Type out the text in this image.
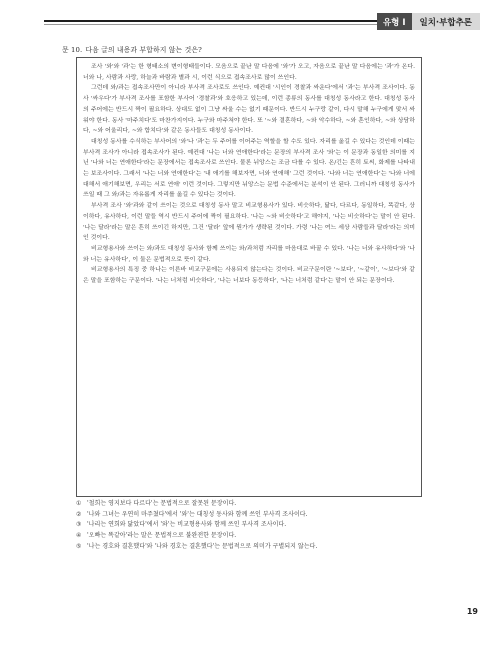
유형 Ⅰ	일치·부합추론
문 10. 다음 글의 내용과 부합하지 않는 것은?

조사 '와'와 '과'는 한 형태소의 변이형태들이다. 모음으로 끝난 말 다음에 '와'가 오고, 자음으로 끝난 말 다음에는 '과'가 온다. 너와 나, 사람과 사랑, 하늘과 바람과 별과 시, 이런 식으로 접속조사로 많이 쓰인다.

그런데 와/과는 접속조사만이 아니라 부사격 조사로도 쓰인다. 예컨대 '시인이 경찰과 싸운다'에서 '과'는 부사격 조사이다. 동사 '싸우다'가 부사격 조사를 포함한 부사어 '경찰과'와 호응하고 있는데, 이런 종류의 동사를 대칭성 동사라고 한다. 대칭성 동사의 주어에는 반드시 짝이 필요하다. 상대도 없이 그냥 싸울 수는 없기 때문이다. 반드시 누구랑 같이, 다시 말해 누구에게 맞서 싸워야 한다. 동사 '마주치다'도 마찬가지이다. 누구와 마주쳐야 한다. 또 '~와 결혼하다, ~와 악수하다, ~와 혼인하다, ~와 상담하다, ~와 어울리다, ~와 합치다'와 같은 동사들도 대칭성 동사이다.

대칭성 동사를 수식하는 부사어의 '와'나 '과'는 두 주어를 이어주는 역할을 할 수도 있다. 자리를 옮길 수 있다는 것인데 이때는 부사격 조사가 아니라 접속조사가 된다. 예컨대 '나는 너와 연애한다'라는 문장의 부사격 조사 '와'는 이 문장과 동일한 의미를 지닌 '나와 너는 연애한다'라는 문장에서는 접속조사로 쓰인다. 물론 뉘앙스는 조금 다를 수 있다. 온/긴는 흔히 토씨, 화제를 나타내는 보조사이다. 그래서 '나는 너와 연애한다'는 '내 애기를 해보자면, 너와 연애해' 그런 것이다. '나와 너는 연애한다'는 '나와 너에 대해서 애기해보면, 우리는 서로 연애' 이런 것이다. 그렇지만 뉘앙스는 문법 수준에서는 분석이 안 된다. 그러니까 대칭성 동사가 쓰일 때 그 와/과는 자유롭게 자리를 옮길 수 있다는 것이다.

부사격 조사 '와'과와 같이 쓰이는 것으로 대칭성 동사 말고 비교형용사가 있다. 비슷하다, 닮다, 다르다, 동일하다, 똑같다, 상이하다, 유사하다, 이런 말들 역시 반드시 주어에 짝이 필요하다. '나는 ~와 비슷하다'고 해야지, '나는 비슷하다'는 말이 안 된다. '나는 달라'라는 말은 흔히 쓰이긴 하지만, 그건 '달라' 앞에 뭔가가 생략된 것이다. 가령 '나는 여느 세상 사람들과 달라'라는 의미인 것이다.

비교형용사와 쓰이는 와/과도 대칭성 동사와 함께 쓰이는 와/과처럼 자리를 마음대로 바꿀 수 있다. '나는 너와 유사하다'와 '나와 너는 유사하다', 이 둘은 문법적으로 뜻이 같다.

비교형용사의 특징 중 하나는 이른바 비교구문에는 사용되지 않는다는 것이다. 비교구문이란 '~보다', '~같이', '~보다'와 같은 말을 포함하는 구문이다. '나는 너처럼 비슷하다', '나는 너보다 동등하다', '나는 너처럼 같다'는 말이 안 되는 문장이다.

① '철희는 영지보다 다르다'는 문법적으로 잘못된 문장이다.
② '나와 그녀는 우연히 마주쳤다'에서 '와'는 대칭성 동사와 함께 쓰인 부사격 조사이다.
③ '나리는 연희와 닮았다'에서 '와'는 비교형용사와 함께 쓰인 부사격 조사이다.
④ '오빠는 똑같아'라는 말은 문법적으로 불완전한 문장이다.
⑤ '나는 경호와 결혼했다'와 '나와 경호는 결혼했다'는 문법적으로 의미가 구별되지 않는다.
19
